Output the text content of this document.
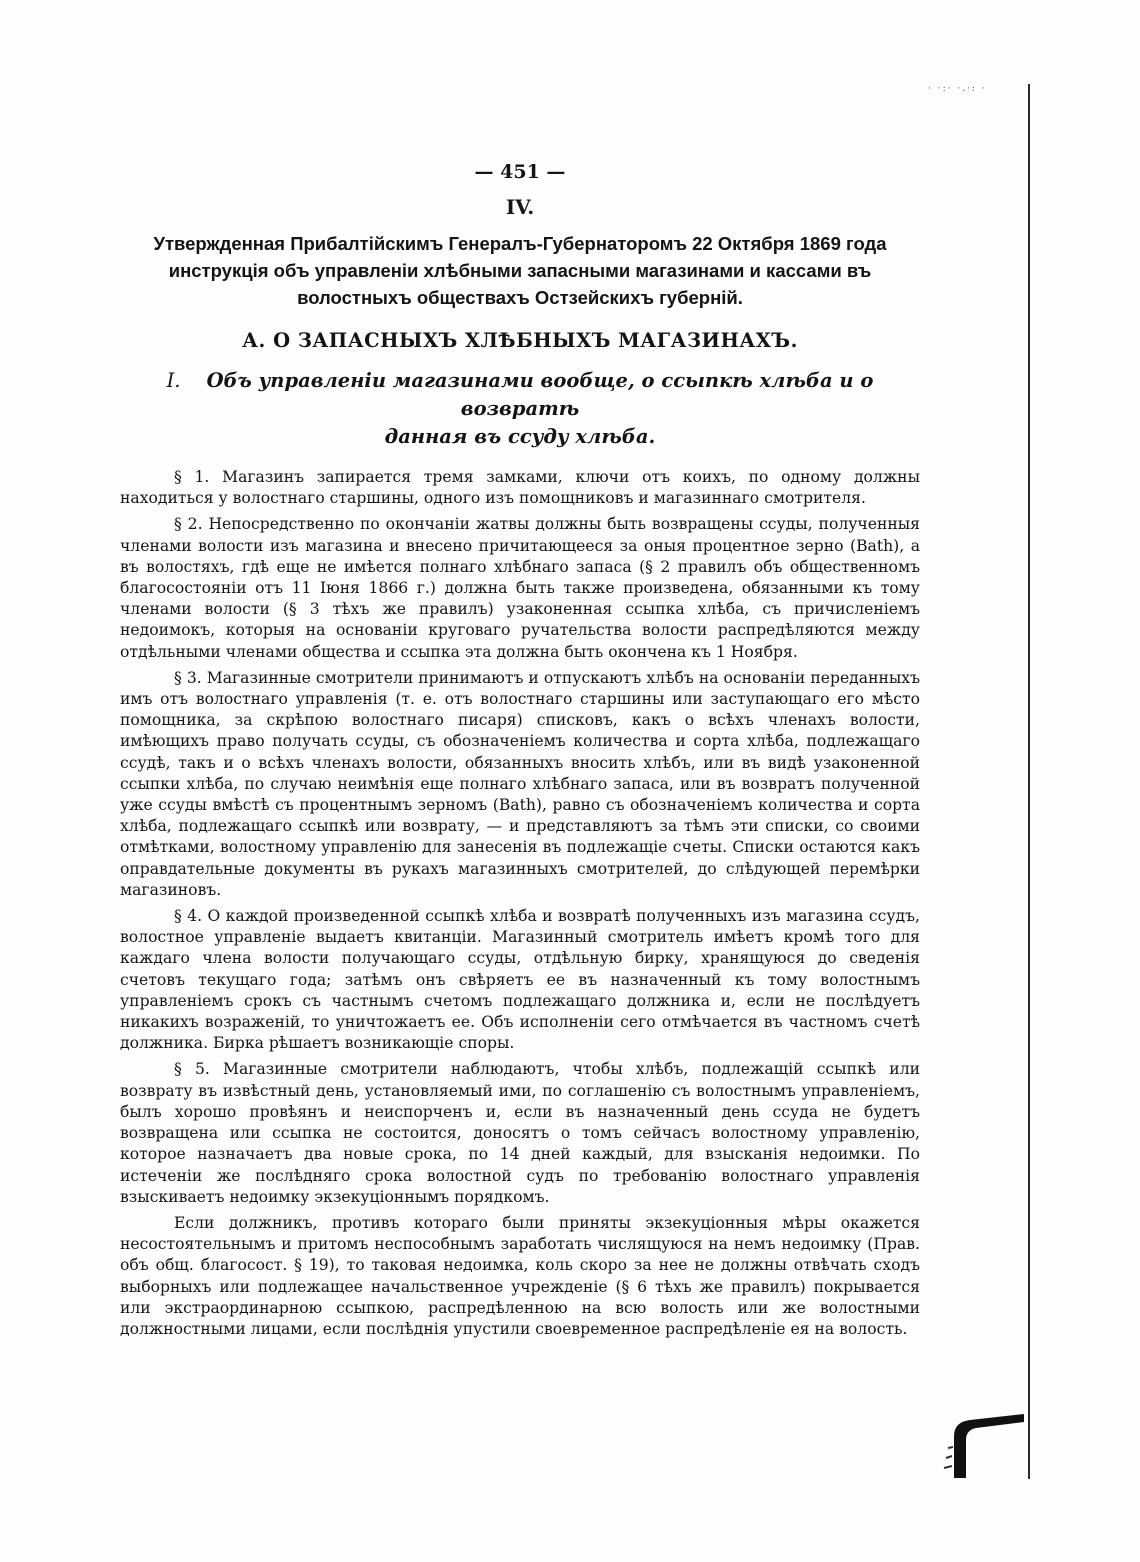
· ·:· ·.·: ·

— 451 —

IV.

Утвержденная Прибалтійскимъ Генералъ-Губернаторомъ 22 Октября 1869 года
инструкція объ управленіи хлѣбными запасными магазинами и кассами въ
волостныхъ обществахъ Остзейскихъ губерній.
А. О ЗАПАСНЫХЪ ХЛѢБНЫХЪ МАГАЗИНАХЪ.
I. Объ управленіи магазинами вообще, о ссыпкѣ хлѣба и о возвратѣ
данная въ ссуду хлѣба.

§ 1. Магазинъ запирается тремя замками, ключи отъ коихъ, по одному должны находиться у волостнаго старшины, одного изъ помощниковъ и магазиннаго смотрителя.

§ 2. Непосредственно по окончаніи жатвы должны быть возвращены ссуды, полученныя членами волости изъ магазина и внесено причитающееся за оныя процентное зерно (Bath), а въ волостяхъ, гдѣ еще не имѣется полнаго хлѣбнаго запаса (§ 2 правилъ объ общественномъ благосостояніи отъ 11 Іюня 1866 г.) должна быть также произведена, обязанными къ тому членами волости (§ 3 тѣхъ же правилъ) узаконенная ссыпка хлѣба, съ причисленіемъ недоимокъ, которыя на основаніи круговаго ручательства волости распредѣляются между отдѣльными членами общества и ссыпка эта должна быть окончена къ 1 Ноября.

§ 3. Магазинные смотрители принимаютъ и отпускаютъ хлѣбъ на основаніи переданныхъ имъ отъ волостнаго управленія (т. е. отъ волостнаго старшины или заступающаго его мѣсто помощника, за скрѣпою волостнаго писаря) списковъ, какъ о всѣхъ членахъ волости, имѣющихъ право получать ссуды, съ обозначеніемъ количества и сорта хлѣба, подлежащаго ссудѣ, такъ и о всѣхъ членахъ волости, обязанныхъ вносить хлѣбъ, или въ видѣ узаконенной ссыпки хлѣба, по случаю неимѣнія еще полнаго хлѣбнаго запаса, или въ возвратъ полученной уже ссуды вмѣстѣ съ процентнымъ зерномъ (Bath), равно съ обозначеніемъ количества и сорта хлѣба, подлежащаго ссыпкѣ или возврату, — и представляютъ за тѣмъ эти списки, со своими отмѣтками, волостному управленію для занесенія въ подлежащіе счеты. Списки остаются какъ оправдательные документы въ рукахъ магазинныхъ смотрителей, до слѣдующей перемѣрки магазиновъ.

§ 4. О каждой произведенной ссыпкѣ хлѣба и возвратѣ полученныхъ изъ магазина ссудъ, волостное управленіе выдаетъ квитанціи. Магазинный смотритель имѣетъ кромѣ того для каждаго члена волости получающаго ссуды, отдѣльную бирку, хранящуюся до сведенія счетовъ текущаго года; затѣмъ онъ свѣряетъ ее въ назначенный къ тому волостнымъ управленіемъ срокъ съ частнымъ счетомъ подлежащаго должника и, если не послѣдуетъ никакихъ возраженій, то уничтожаетъ ее. Объ исполненіи сего отмѣчается въ частномъ счетѣ должника. Бирка рѣшаетъ возникающіе споры.

§ 5. Магазинные смотрители наблюдаютъ, чтобы хлѣбъ, подлежащій ссыпкѣ или возврату въ извѣстный день, установляемый ими, по соглашенію съ волостнымъ управленіемъ, былъ хорошо провѣянъ и неиспорченъ и, если въ назначенный день ссуда не будетъ возвращена или ссыпка не состоится, доносятъ о томъ сейчасъ волостному управленію, которое назначаетъ два новые срока, по 14 дней каждый, для взысканія недоимки. По истеченіи же послѣдняго срока волостной судъ по требованію волостнаго управленія взыскиваетъ недоимку экзекуціоннымъ порядкомъ.

Если должникъ, противъ котораго были приняты экзекуціонныя мѣры окажется несостоятельнымъ и притомъ неспособнымъ заработать числящуюся на немъ недоимку (Прав. объ общ. благосост. § 19), то таковая недоимка, коль скоро за нее не должны отвѣчать сходъ выборныхъ или подлежащее начальственное учрежденіе (§ 6 тѣхъ же правилъ) покрывается или экстраординарною ссыпкою, распредѣленною на всю волость или же волостными должностными лицами, если послѣднія упустили своевременное распредѣленіе ея на волость.
